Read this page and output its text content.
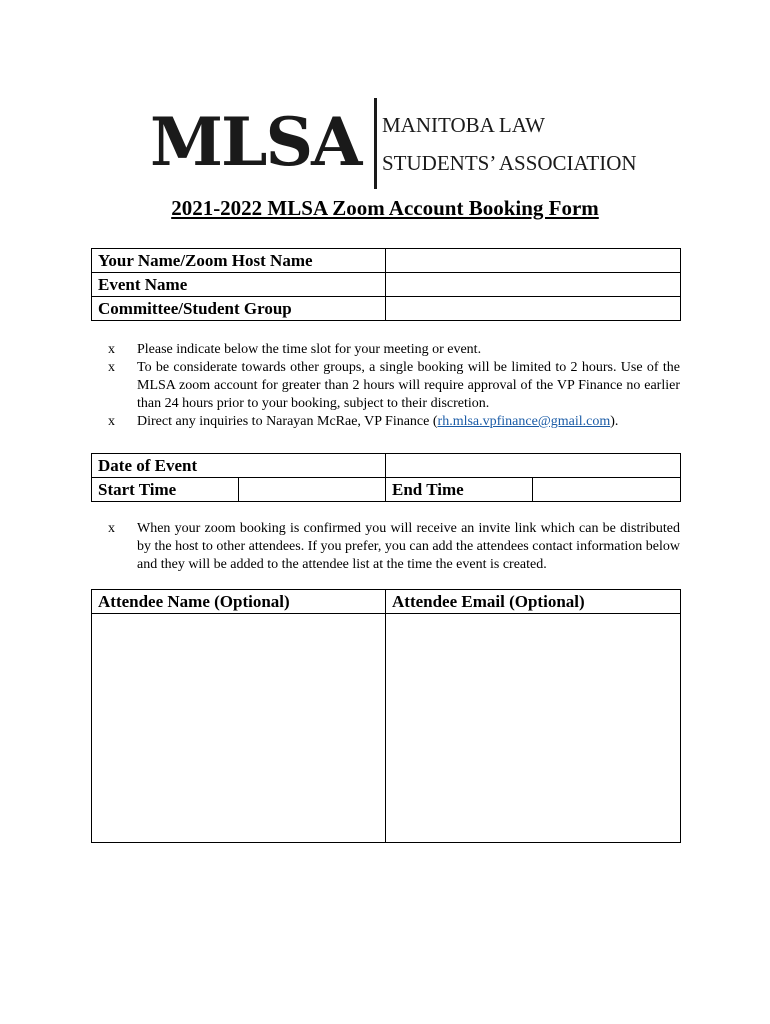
MLSA MANITOBA LAW
STUDENTS’ ASSOCIATION
2021-2022 MLSA Zoom Account Booking Form
Your Name/Zoom Host Name	
Event Name	
Committee/Student Group	
x Please indicate below the time slot for your meeting or event.
x To be considerate towards other groups, a single booking will be limited to 2 hours. Use of the MLSA zoom account for greater than 2 hours will require approval of the VP Finance no earlier than 24 hours prior to your booking, subject to their discretion.
x Direct any inquiries to Narayan McRae, VP Finance (rh.mlsa.vpfinance@gmail.com).
Date of Event			
Start Time		End Time	
x When your zoom booking is confirmed you will receive an invite link which can be distributed by the host to other attendees. If you prefer, you can add the attendees contact information below and they will be added to the attendee list at the time the event is created.
Attendee Name (Optional)	Attendee Email (Optional)
